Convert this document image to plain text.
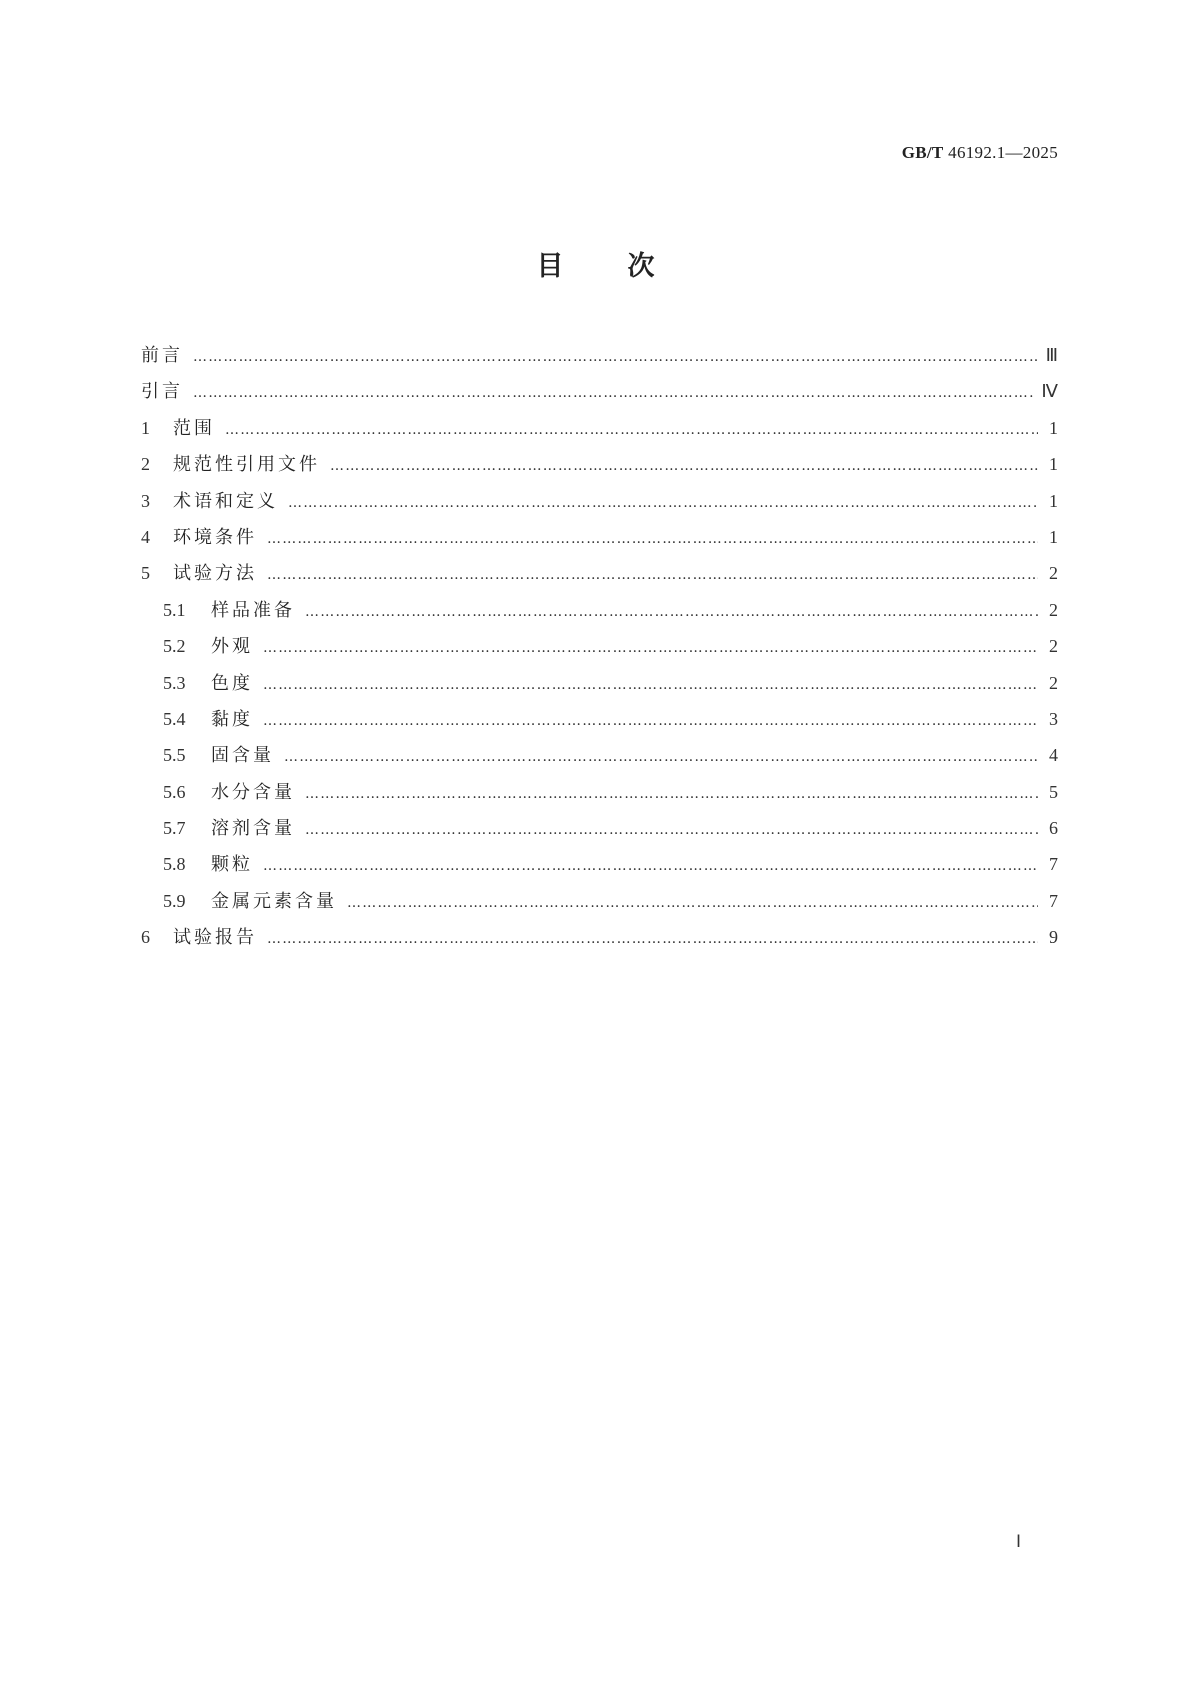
GB/T 46192.1—2025
目次
前言 ……………………………………………………………………………………………………………………………………………………………………………………………………………………………………………………………………	Ⅲ
引言 ……………………………………………………………………………………………………………………………………………………………………………………………………………………………………………………………………	Ⅳ
1	范围 ……………………………………………………………………………………………………………………………………………………………………………………………………………………………………………………………………	1
2	规范性引用文件 ……………………………………………………………………………………………………………………………………………………………………………………………………………………………………………………………………	1
3	术语和定义 ……………………………………………………………………………………………………………………………………………………………………………………………………………………………………………………………………	1
4	环境条件 ……………………………………………………………………………………………………………………………………………………………………………………………………………………………………………………………………	1
5	试验方法 ……………………………………………………………………………………………………………………………………………………………………………………………………………………………………………………………………	2
5.1	样品准备 ……………………………………………………………………………………………………………………………………………………………………………………………………………………………………………………………………	2
5.2	外观 ……………………………………………………………………………………………………………………………………………………………………………………………………………………………………………………………………	2
5.3	色度 ……………………………………………………………………………………………………………………………………………………………………………………………………………………………………………………………………	2
5.4	黏度 ……………………………………………………………………………………………………………………………………………………………………………………………………………………………………………………………………	3
5.5	固含量 ……………………………………………………………………………………………………………………………………………………………………………………………………………………………………………………………………	4
5.6	水分含量 ……………………………………………………………………………………………………………………………………………………………………………………………………………………………………………………………………	5
5.7	溶剂含量 ……………………………………………………………………………………………………………………………………………………………………………………………………………………………………………………………………	6
5.8	颗粒 ……………………………………………………………………………………………………………………………………………………………………………………………………………………………………………………………………	7
5.9	金属元素含量 ……………………………………………………………………………………………………………………………………………………………………………………………………………………………………………………………………	7
6	试验报告 ……………………………………………………………………………………………………………………………………………………………………………………………………………………………………………………………………	9
Ⅰ
